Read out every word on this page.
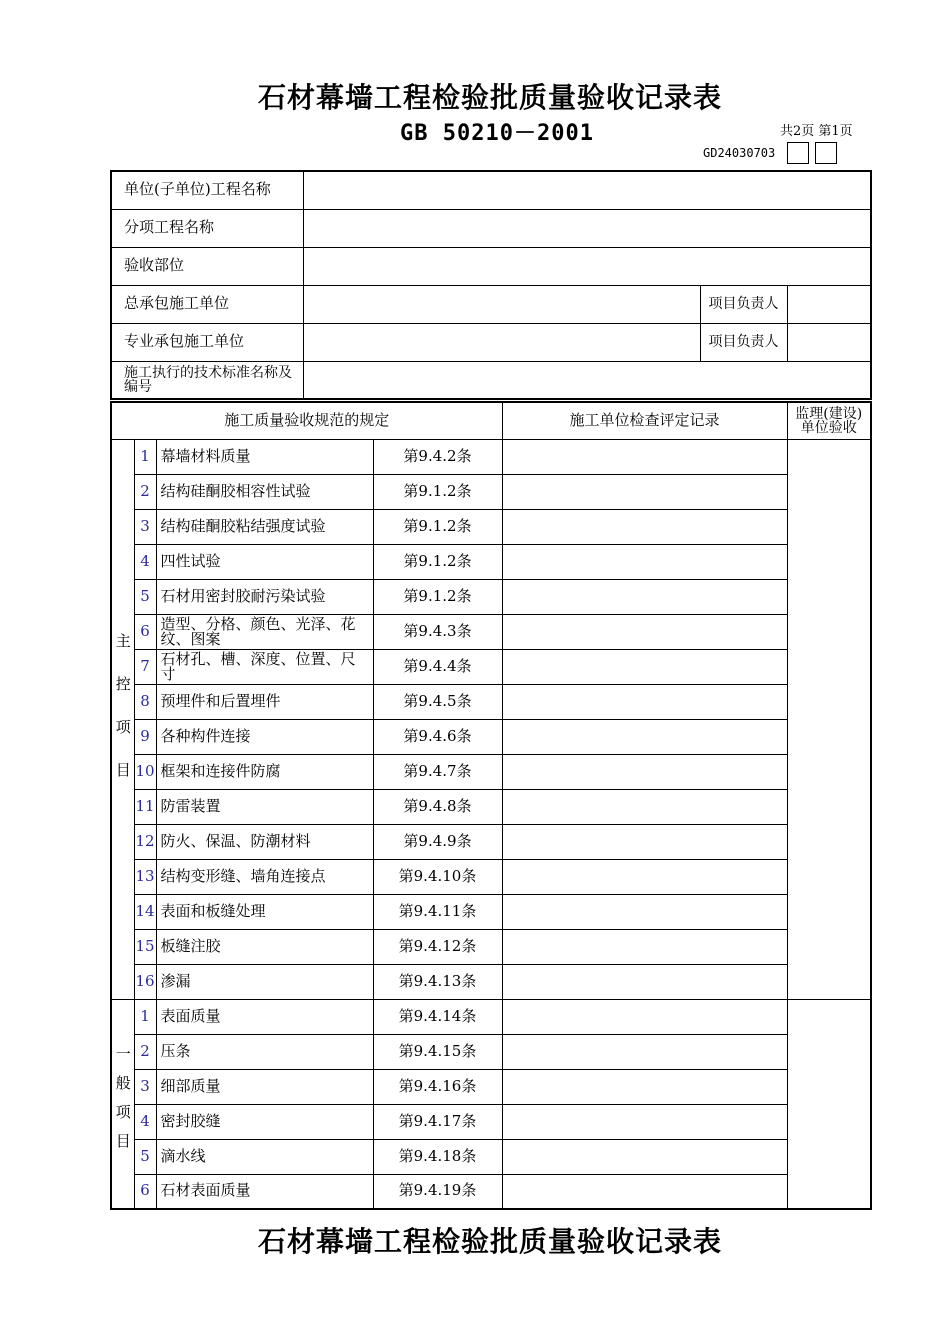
石材幕墙工程检验批质量验收记录表
GB 50210－2001	共2页 第1页
GD24030703
单位(子单位)工程名称			
分项工程名称			
验收部位			
总承包施工单位		项目负责人	
专业承包施工单位		项目负责人	
施工执行的技术标准名称及编号			
施工质量验收规范的规定				施工单位检查评定记录	监理(建设)单位验收
主控项目	1	幕墙材料质量	第9.4.2条		
	2	结构硅酮胶相容性试验	第9.1.2条		
	3	结构硅酮胶粘结强度试验	第9.1.2条		
	4	四性试验	第9.1.2条		
	5	石材用密封胶耐污染试验	第9.1.2条		
	6	造型、分格、颜色、光泽、花纹、图案	第9.4.3条		
	7	石材孔、槽、深度、位置、尺寸	第9.4.4条		
	8	预埋件和后置埋件	第9.4.5条		
	9	各种构件连接	第9.4.6条		
	10	框架和连接件防腐	第9.4.7条		
	11	防雷装置	第9.4.8条		
	12	防火、保温、防潮材料	第9.4.9条		
	13	结构变形缝、墙角连接点	第9.4.10条		
	14	表面和板缝处理	第9.4.11条		
	15	板缝注胶	第9.4.12条		
	16	渗漏	第9.4.13条		
一般项目	1	表面质量	第9.4.14条		
	2	压条	第9.4.15条		
	3	细部质量	第9.4.16条		
	4	密封胶缝	第9.4.17条		
	5	滴水线	第9.4.18条		
	6	石材表面质量	第9.4.19条		
石材幕墙工程检验批质量验收记录表
